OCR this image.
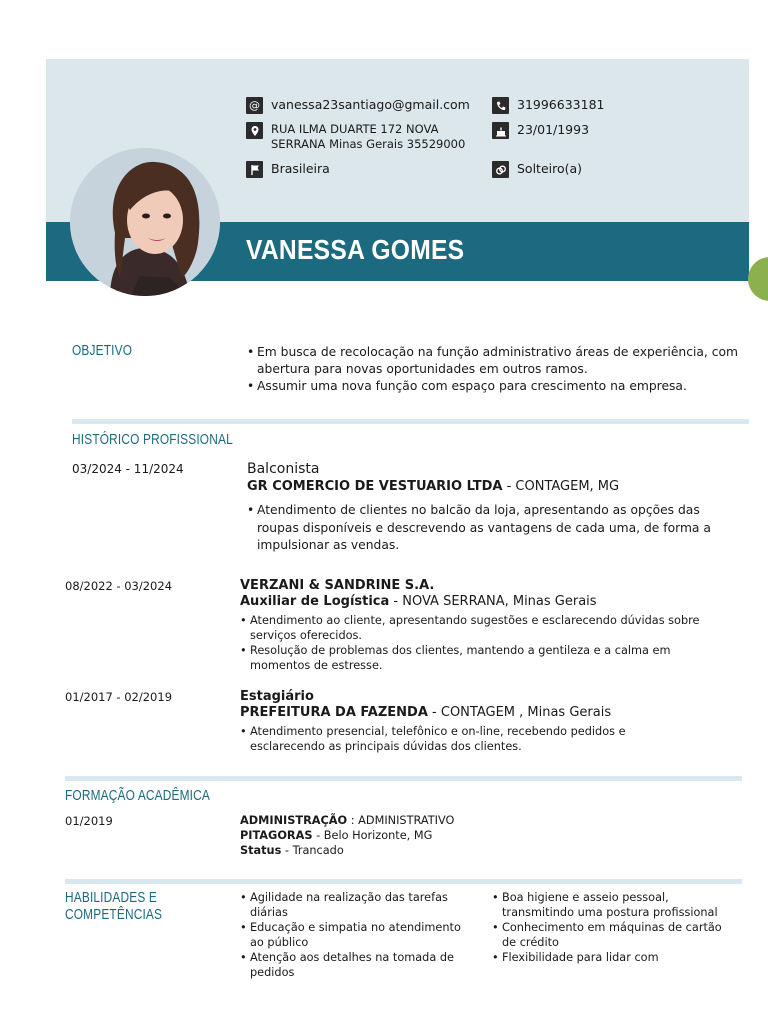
VANESSA GOMES
@ vanessa23santiago@gmail.com
RUA ILMA DUARTE 172 NOVA SERRANA Minas Gerais 35529000
Brasileira
31996633181
23/01/1993
Solteiro(a)
OBJETIVO
•	Em busca de recolocação na função administrativo áreas de experiência, com abertura para novas oportunidades em outros ramos.
• Assumir uma nova função com espaço para crescimento na empresa.
HISTÓRICO PROFISSIONAL
03/2024 - 11/2024	Balconista
GR COMERCIO DE VESTUARIO LTDA - CONTAGEM, MG
• Atendimento de clientes no balcão da loja, apresentando as opções das roupas disponíveis e descrevendo as vantagens de cada uma, de forma a impulsionar as vendas.
08/2022 - 03/2024	VERZANI & SANDRINE S.A.
Auxiliar de Logística - NOVA SERRANA, Minas Gerais
• Atendimento ao cliente, apresentando sugestões e esclarecendo dúvidas sobre serviços oferecidos.
• Resolução de problemas dos clientes, mantendo a gentileza e a calma em momentos de estresse.
01/2017 - 02/2019	Estagiário
PREFEITURA DA FAZENDA - CONTAGEM , Minas Gerais
• Atendimento presencial, telefônico e on-line, recebendo pedidos e esclarecendo as principais dúvidas dos clientes.
FORMAÇÃO ACADÊMICA
01/2019	ADMINISTRAÇÃO : ADMINISTRATIVO
PITAGORAS - Belo Horizonte, MG
Status - Trancado
HABILIDADES E
COMPETÊNCIAS
• Agilidade na realização das tarefas diárias
• Educação e simpatia no atendimento ao público
• Atenção aos detalhes na tomada de pedidos
• Boa higiene e asseio pessoal, transmitindo uma postura profissional
• Conhecimento em máquinas de cartão de crédito
• Flexibilidade para lidar com
